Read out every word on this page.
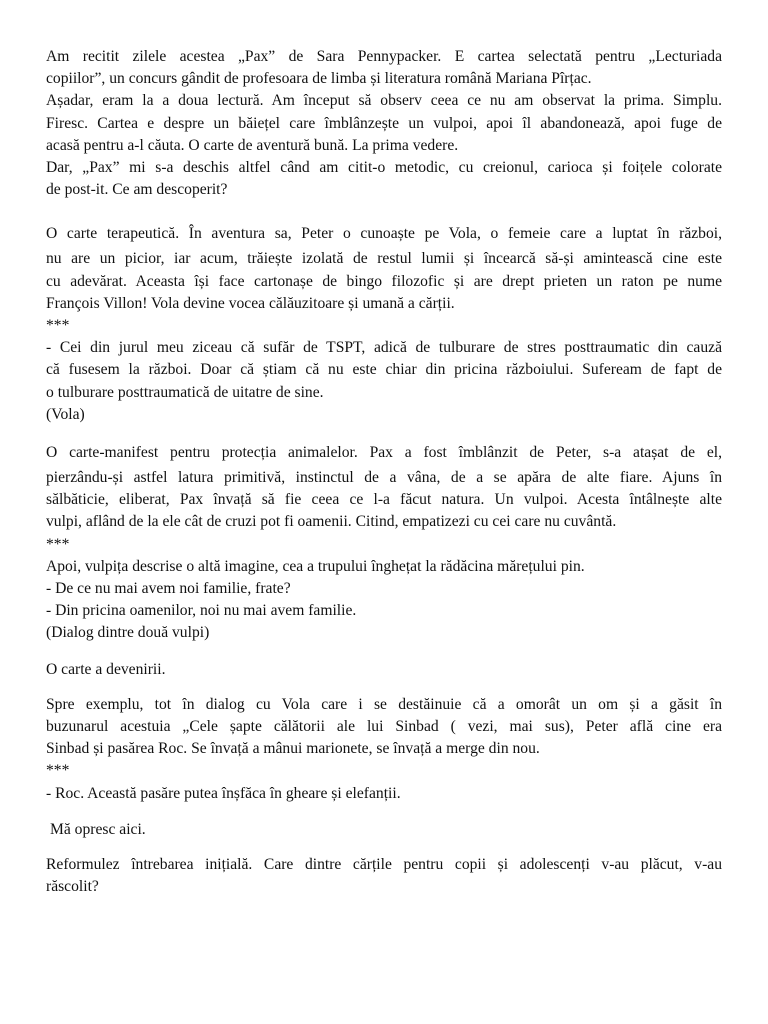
Am recitit zilele acestea „Pax” de Sara Pennypacker. E cartea selectată pentru „Lecturiada
copiilor”, un concurs gândit de profesoara de limba și literatura română Mariana Pîrțac.
Așadar, eram la a doua lectură. Am început să observ ceea ce nu am observat la prima. Simplu.
Firesc. Cartea e despre un băiețel care îmblânzește un vulpoi, apoi îl abandonează, apoi fuge de
acasă pentru a-l căuta. O carte de aventură bună. La prima vedere.
Dar, „Pax” mi s-a deschis altfel când am citit-o metodic, cu creionul, carioca și foițele colorate
de post-it. Ce am descoperit?

O carte terapeutică. În aventura sa, Peter o cunoaște pe Vola, o femeie care a luptat în război,
nu are un picior, iar acum, trăiește izolată de restul lumii și încearcă să-și amintească cine este
cu adevărat. Aceasta își face cartonașe de bingo filozofic și are drept prieten un raton pe nume
François Villon! Vola devine vocea călăuzitoare și umană a cărții.
***
- Cei din jurul meu ziceau că sufăr de TSPT, adică de tulburare de stres posttraumatic din cauză
că fusesem la război. Doar că știam că nu este chiar din pricina războiului. Sufeream de fapt de
o tulburare posttraumatică de uitatre de sine.
(Vola)

O carte-manifest pentru protecția animalelor. Pax a fost îmblânzit de Peter, s-a atașat de el,
pierzându-și astfel latura primitivă, instinctul de a vâna, de a se apăra de alte fiare. Ajuns în
sălbăticie, eliberat, Pax învață să fie ceea ce l-a făcut natura. Un vulpoi. Acesta întâlnește alte
vulpi, aflând de la ele cât de cruzi pot fi oamenii. Citind, empatizezi cu cei care nu cuvântă.
***
Apoi, vulpița descrise o altă imagine, cea a trupului înghețat la rădăcina mărețului pin.
- De ce nu mai avem noi familie, frate?
- Din pricina oamenilor, noi nu mai avem familie.
(Dialog dintre două vulpi)

O carte a devenirii.

Spre exemplu, tot în dialog cu Vola care i se destăinuie că a omorât un om și a găsit în
buzunarul acestuia „Cele șapte călătorii ale lui Sinbad ( vezi, mai sus), Peter află cine era
Sinbad și pasărea Roc. Se învață a mânui marionete, se învață a merge din nou.
***
- Roc. Această pasăre putea înșfăca în gheare și elefanții.

Mă opresc aici.

Reformulez întrebarea inițială. Care dintre cărțile pentru copii și adolescenți v-au plăcut, v-au
răscolit?
